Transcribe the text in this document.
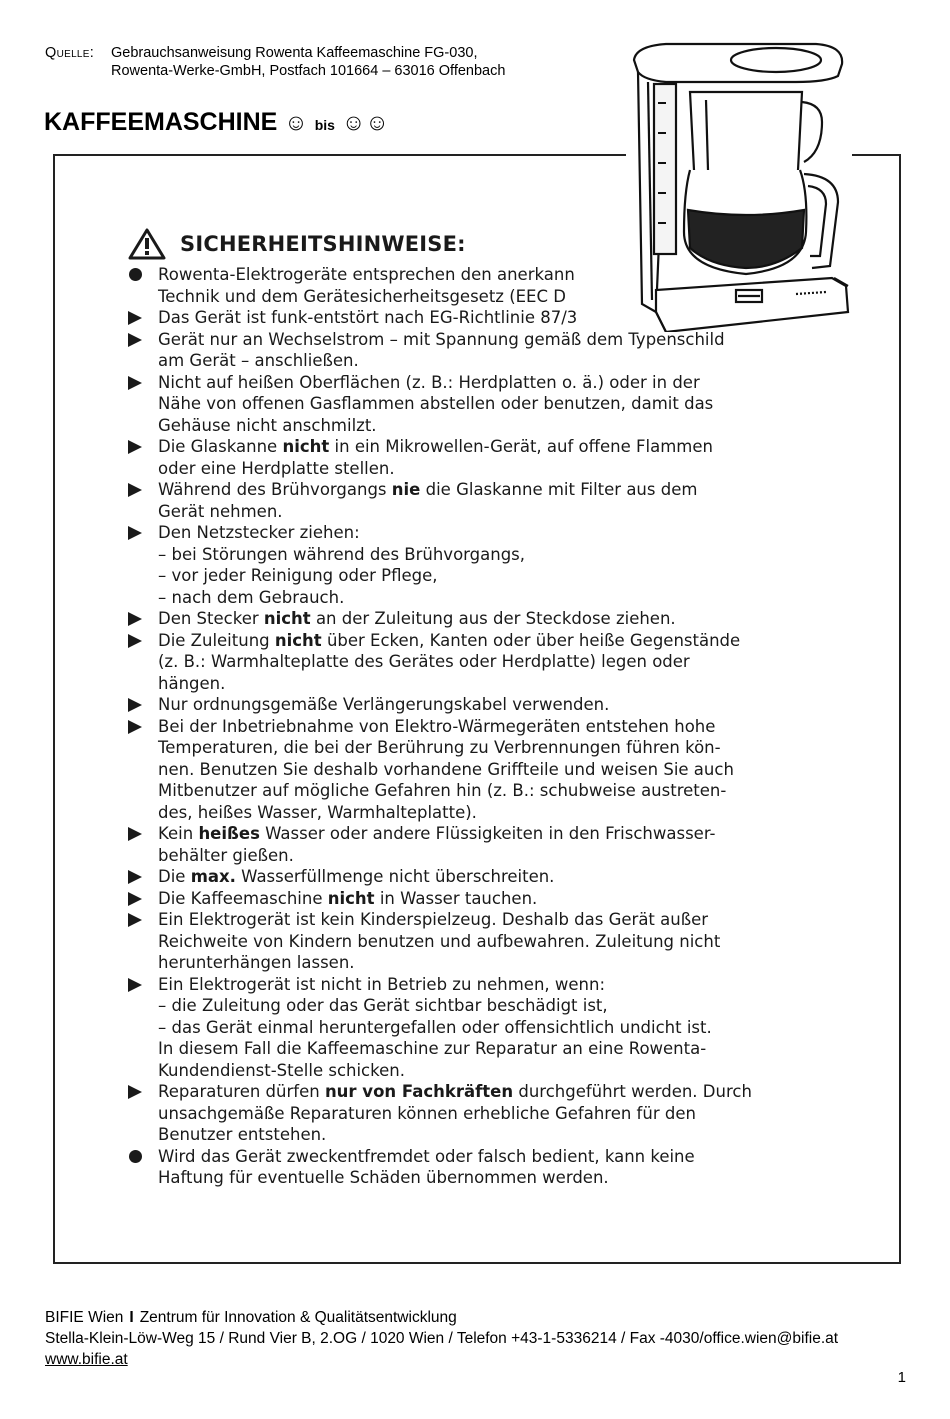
Quelle: Gebrauchsanweisung Rowenta Kaffeemaschine FG-030,
Rowenta-Werke-GmbH, Postfach 101664 – 63016 Offenbach
KAFFEEMASCHINE ☺ bis ☺☺
SICHERHEITSHINWEISE:
Rowenta-Elektrogeräte entsprechen den anerkann
Technik und dem Gerätesicherheitsgesetz (EEC D
Das Gerät ist funk-entstört nach EG-Richtlinie 87/3
Gerät nur an Wechselstrom – mit Spannung gemäß dem Typenschild
am Gerät – anschließen.
Nicht auf heißen Oberflächen (z. B.: Herdplatten o. ä.) oder in der
Nähe von offenen Gasflammen abstellen oder benutzen, damit das
Gehäuse nicht anschmilzt.
Die Glaskanne nicht in ein Mikrowellen-Gerät, auf offene Flammen
oder eine Herdplatte stellen.
Während des Brühvorgangs nie die Glaskanne mit Filter aus dem
Gerät nehmen.
Den Netzstecker ziehen:
– bei Störungen während des Brühvorgangs,
– vor jeder Reinigung oder Pflege,
– nach dem Gebrauch.
Den Stecker nicht an der Zuleitung aus der Steckdose ziehen.
Die Zuleitung nicht über Ecken, Kanten oder über heiße Gegenstände
(z. B.: Warmhalteplatte des Gerätes oder Herdplatte) legen oder
hängen.
Nur ordnungsgemäße Verlängerungskabel verwenden.
Bei der Inbetriebnahme von Elektro-Wärmegeräten entstehen hohe
Temperaturen, die bei der Berührung zu Verbrennungen führen kön-
nen. Benutzen Sie deshalb vorhandene Griffteile und weisen Sie auch
Mitbenutzer auf mögliche Gefahren hin (z. B.: schubweise austreten-
des, heißes Wasser, Warmhalteplatte).
Kein heißes Wasser oder andere Flüssigkeiten in den Frischwasser-
behälter gießen.
Die max. Wasserfüllmenge nicht überschreiten.
Die Kaffeemaschine nicht in Wasser tauchen.
Ein Elektrogerät ist kein Kinderspielzeug. Deshalb das Gerät außer
Reichweite von Kindern benutzen und aufbewahren. Zuleitung nicht
herunterhängen lassen.
Ein Elektrogerät ist nicht in Betrieb zu nehmen, wenn:
– die Zuleitung oder das Gerät sichtbar beschädigt ist,
– das Gerät einmal heruntergefallen oder offensichtlich undicht ist.
In diesem Fall die Kaffeemaschine zur Reparatur an eine Rowenta-
Kundendienst-Stelle schicken.
Reparaturen dürfen nur von Fachkräften durchgeführt werden. Durch
unsachgemäße Reparaturen können erhebliche Gefahren für den
Benutzer entstehen.
Wird das Gerät zweckentfremdet oder falsch bedient, kann keine
Haftung für eventuelle Schäden übernommen werden.
BIFIE Wien I Zentrum für Innovation & Qualitätsentwicklung
Stella-Klein-Löw-Weg 15 / Rund Vier B, 2.OG / 1020 Wien / Telefon +43-1-5336214 / Fax -4030/office.wien@bifie.at
www.bifie.at
1
